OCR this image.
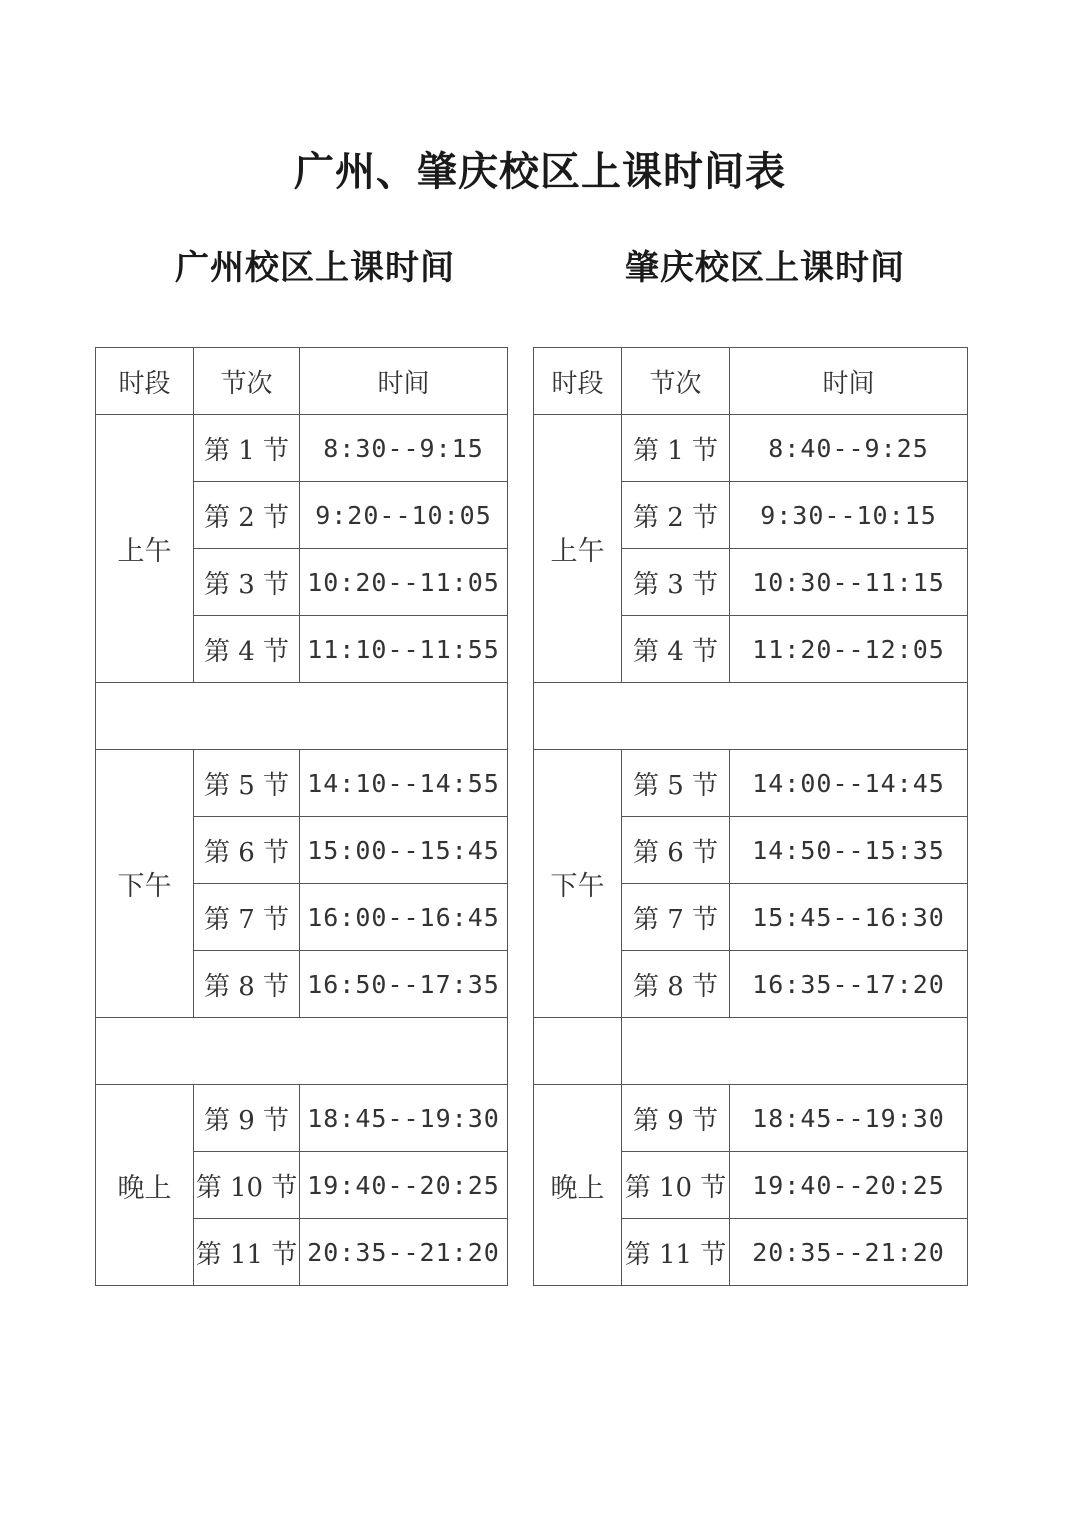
广州、肇庆校区上课时间表
广州校区上课时间	肇庆校区上课时间
时段	节次	时间
上午	第 1 节	8:30--9:15
	第 2 节	9:20--10:05
	第 3 节	10:20--11:05
	第 4 节	11:10--11:55

下午	第 5 节	14:10--14:55
	第 6 节	15:00--15:45
	第 7 节	16:00--16:45
	第 8 节	16:50--17:35

晚上	第 9 节	18:45--19:30
	第 10 节	19:40--20:25
	第 11 节	20:35--21:20
时段	节次	时间
上午	第 1 节	8:40--9:25
	第 2 节	9:30--10:15
	第 3 节	10:30--11:15
	第 4 节	11:20--12:05

下午	第 5 节	14:00--14:45
	第 6 节	14:50--15:35
	第 7 节	15:45--16:30
	第 8 节	16:35--17:20

晚上	第 9 节	18:45--19:30
	第 10 节	19:40--20:25
	第 11 节	20:35--21:20
